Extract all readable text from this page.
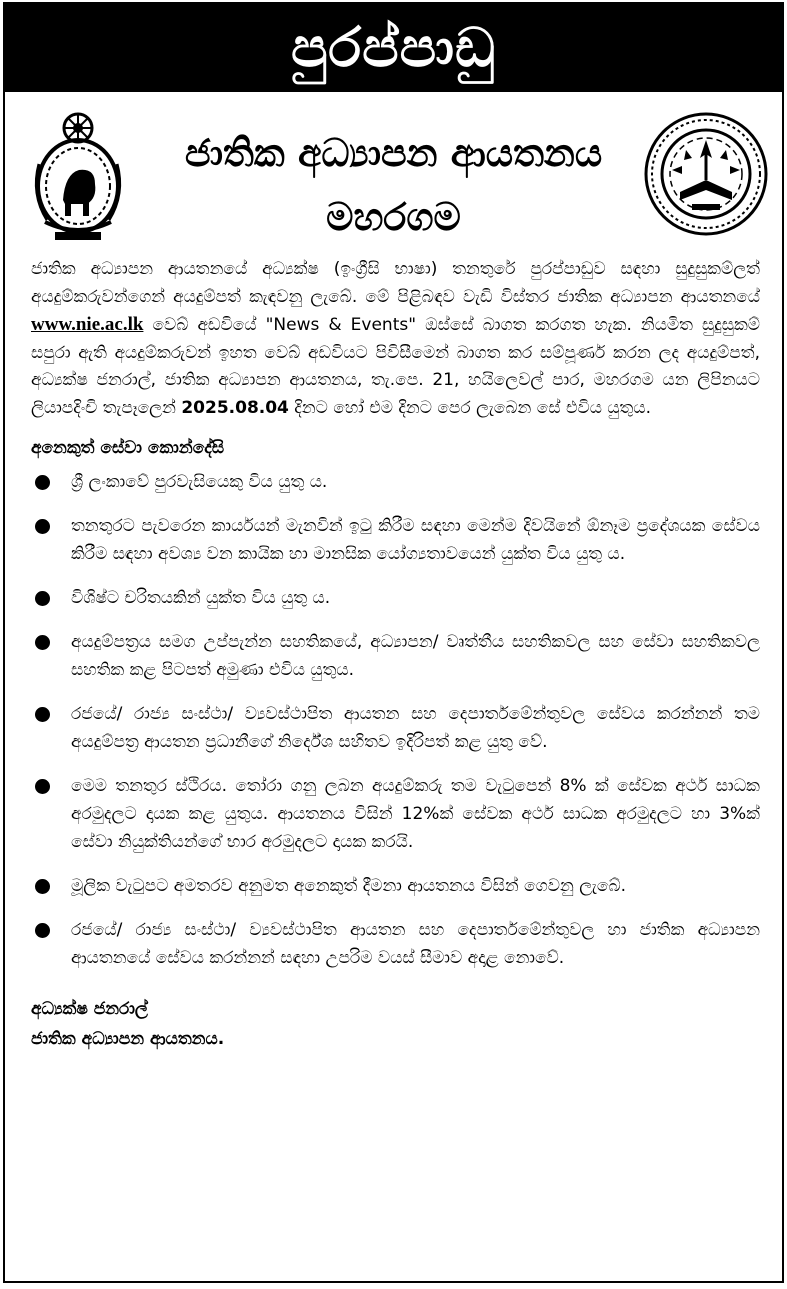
පුරප්පාඩු
ජාතික අධ්‍යාපන ආයතනය
මහරගම

ජාතික අධ්‍යාපන ආයතනයේ අධ්‍යක්ෂ (ඉංග්‍රීසි භාෂා) තනතුරේ පුරප්පාඩුව සඳහා සුදුසුකම්ලත් අයදුම්කරුවන්ගෙන් අයදුම්පත් කැඳවනු ලැබේ. මේ පිළිබඳව වැඩි විස්තර ජාතික අධ්‍යාපන ආයතනයේ www.nie.ac.lk වෙබ් අඩවියේ "News & Events" ඔස්සේ බාගත කරගත හැක. නියමිත සුදුසුකම් සපුරා ඇති අයදුම්කරුවන් ඉහත වෙබ් අඩවියට පිවිසීමෙන් බාගත කර සම්පූර්ණ කරන ලද අයදුම්පත්, අධ්‍යක්ෂ ජනරාල්, ජාතික අධ්‍යාපන ආයතනය, තැ.පෙ. 21, හයිලෙවල් පාර, මහරගම යන ලිපිනයට ලියාපදිංචි තැපෑලෙන් 2025.08.04 දිනට හෝ එම දිනට පෙර ලැබෙන සේ එවිය යුතුය.

අනෙකුත් සේවා කොන්දේසි
ශ්‍රී ලංකාවේ පුරවැසියෙකු විය යුතු ය.
තනතුරට පැවරෙන කාර්යයන් මැනවින් ඉටු කිරීම සඳහා මෙන්ම දිවයිනේ ඕනෑම ප්‍රදේශයක සේවය කිරීම සඳහා අවශ්‍ය වන කායික හා මානසික යෝග්‍යතාවයෙන් යුක්ත විය යුතු ය.
විශිෂ්ට චරිතයකින් යුක්ත විය යුතු ය.
අයදුම්පත්‍රය සමග උප්පැන්න සහතිකයේ, අධ්‍යාපන/ වෘත්තීය සහතිකවල සහ සේවා සහතිකවල සහතික කළ පිටපත් අමුණා එවිය යුතුය.
රජයේ/ රාජ්‍ය සංස්ථා/ ව්‍යවස්ථාපිත ආයතන සහ දෙපාර්තමේන්තුවල සේවය කරන්නන් තම අයදුම්පත්‍ර ආයතන ප්‍රධානීගේ නිර්දේශ සහිතව ඉදිරිපත් කළ යුතු වේ.
මෙම තනතුර ස්ථිරය. තෝරා ගනු ලබන අයදුම්කරු තම වැටුපෙන් 8% ක් සේවක අර්ථ සාධක අරමුදලට දායක කළ යුතුය. ආයතනය විසින් 12%ක් සේවක අර්ථ සාධක අරමුදලට හා 3%ක් සේවා නියුක්තියන්ගේ භාර අරමුදලට දායක කරයි.
මූලික වැටුපට අමතරව අනුමත අනෙකුත් දීමනා ආයතනය විසින් ගෙවනු ලැබේ.
රජයේ/ රාජ්‍ය සංස්ථා/ ව්‍යවස්ථාපිත ආයතන සහ දෙපාර්තමේන්තුවල හා ජාතික අධ්‍යාපන ආයතනයේ සේවය කරන්නන් සඳහා උපරිම වයස් සීමාව අදාළ නොවේ.
අධ්‍යක්ෂ ජනරාල්
ජාතික අධ්‍යාපන ආයතනය.
